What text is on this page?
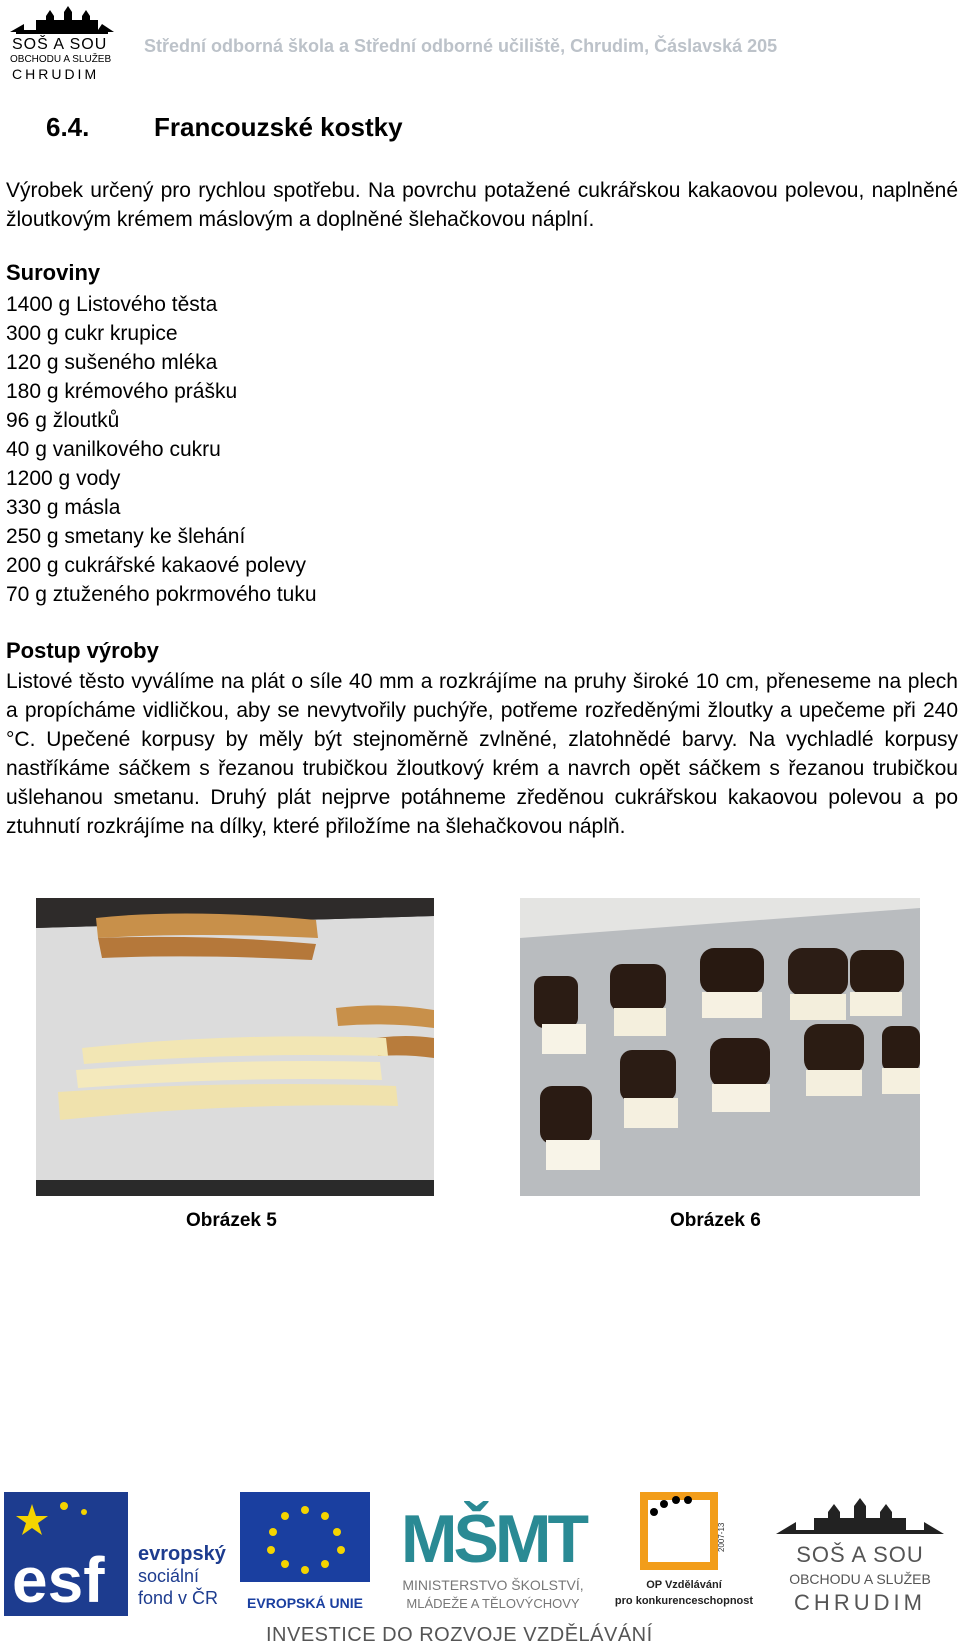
SOŠ A SOU
OBCHODU A SLUŽEB
CHRUDIM
Střední odborná škola a Střední odborné učiliště, Chrudim, Čáslavská 205
6.4. Francouzské kostky
Výrobek určený pro rychlou spotřebu. Na povrchu potažené cukrářskou kakaovou polevou, naplněné žloutkovým krémem máslovým a doplněné šlehačkovou náplní.
Suroviny
1400 g Listového těsta
300 g cukr krupice
120 g sušeného mléka
180 g krémového prášku
96 g žloutků
40 g vanilkového cukru
1200 g vody
330 g másla
250 g smetany ke šlehání
200 g cukrářské kakaové polevy
70 g ztuženého pokrmového tuku
Postup výroby
Listové těsto vyválíme na plát o síle 40 mm a rozkrájíme na pruhy široké 10 cm, přeneseme na plech a propícháme vidličkou, aby se nevytvořily puchýře, potřeme rozředěnými žloutky a upečeme při 240 °C. Upečené korpusy by měly být stejnoměrně zvlněné, zlatohnědé barvy. Na vychladlé korpusy nastříkáme sáčkem s řezanou trubičkou žloutkový krém a navrch opět sáčkem s řezanou trubičkou ušlehanou smetanu. Druhý plát nejprve potáhneme zředěnou cukrářskou kakaovou polevou a po ztuhnutí rozkrájíme na dílky, které přiložíme na šlehačkovou náplň.
Obrázek 5	Obrázek 6
esf evropský
sociální
fond v ČR EVROPSKÁ UNIE
MŠMT
MINISTERSTVO ŠKOLSTVÍ,
MLÁDEŽE A TĚLOVÝCHOVY
2007-13
OP Vzdělávání
pro konkurenceschopnost
SOŠ A SOU
OBCHODU A SLUŽEB
CHRUDIM
INVESTICE DO ROZVOJE VZDĚLÁVÁNÍ
